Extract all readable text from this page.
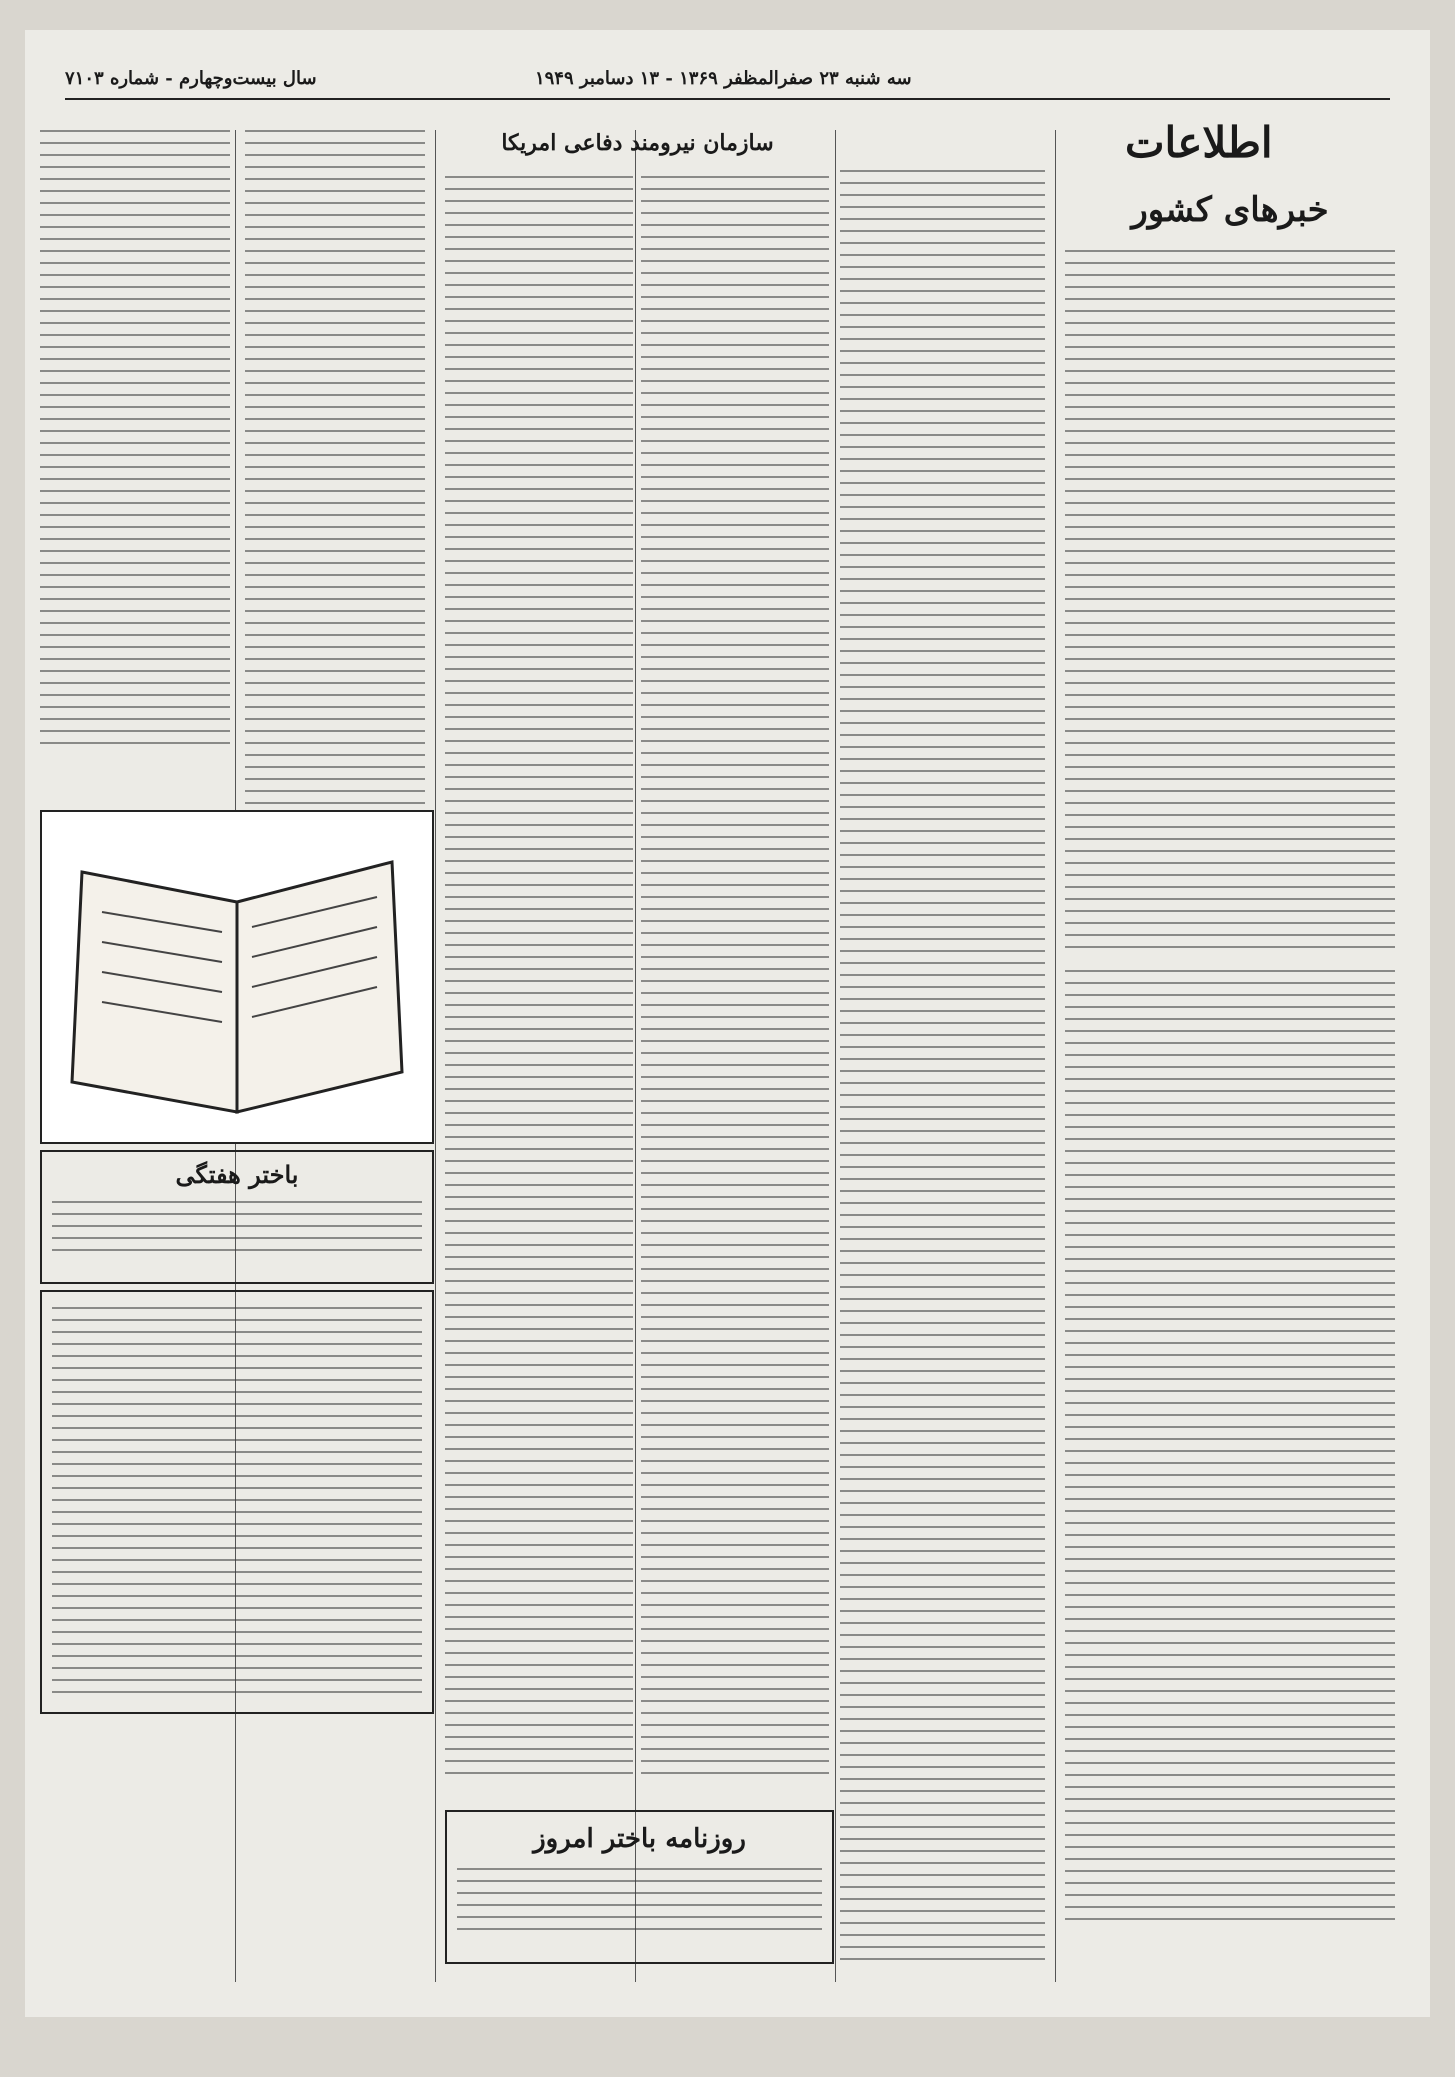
سال بیست‌وچهارم - شماره ۷۱۰۳	سه شنبه ۲۳ صفرالمظفر ۱۳۶۹ - ۱۳ دسامبر ۱۹۴۹
اطلاعات
خبرهای کشور
سازمان نیرومند دفاعی امریکا
روزنامه باختر امروز
باختر هفتگی
